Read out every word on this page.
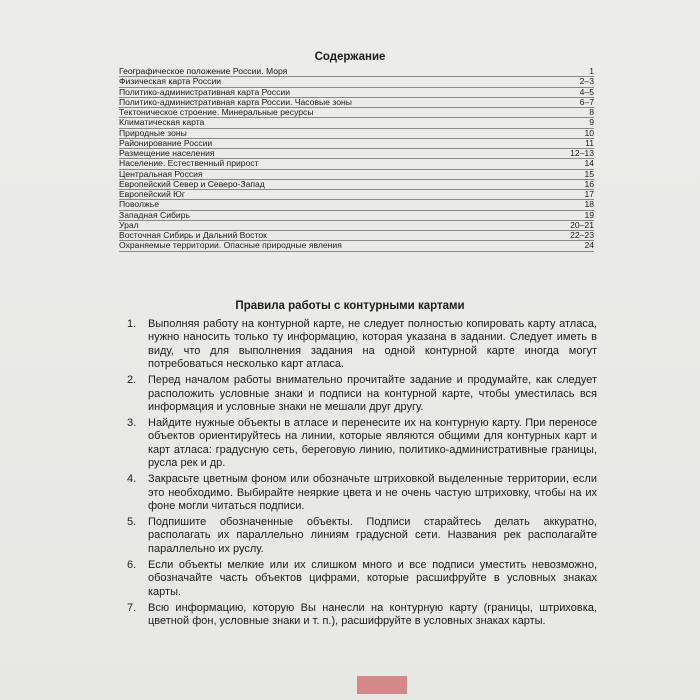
Содержание
Географическое положение России. Моря	1
Физическая карта России	2–3
Политико-административная карта России	4–5
Политико-административная карта России. Часовые зоны	6–7
Тектоническое строение. Минеральные ресурсы	8
Климатическая карта	9
Природные зоны	10
Районирование России	11
Размещение населения	12–13
Население. Естественный прирост	14
Центральная Россия	15
Европейский Север и Северо-Запад	16
Европейский Юг	17
Поволжье	18
Западная Сибирь	19
Урал	20–21
Восточная Сибирь и Дальний Восток	22–23
Охраняемые территории. Опасные природные явления	24
Правила работы с контурными картами
1.	Выполняя работу на контурной карте, не следует полностью копировать карту атласа, нужно наносить только ту информацию, которая указана в задании. Следует иметь в виду, что для выполнения задания на одной контурной карте иногда могут потребоваться несколько карт атласа.
2.	Перед началом работы внимательно прочитайте задание и продумайте, как следует расположить условные знаки и подписи на контурной карте, чтобы уместилась вся информация и условные знаки не мешали друг другу.
3.	Найдите нужные объекты в атласе и перенесите их на контурную карту. При переносе объектов ориентируйтесь на линии, которые являются общими для контурных карт и карт атласа: градусную сеть, береговую линию, политико-административные границы, русла рек и др.
4.	Закрасьте цветным фоном или обозначьте штриховкой выделенные территории, если это необходимо. Выбирайте неяркие цвета и не очень частую штриховку, чтобы на их фоне могли читаться подписи.
5.	Подпишите обозначенные объекты. Подписи старайтесь делать аккуратно, располагать их параллельно линиям градусной сети. Названия рек располагайте параллельно их руслу.
6.	Если объекты мелкие или их слишком много и все подписи уместить невозможно, обозначайте часть объектов цифрами, которые расшифруйте в условных знаках карты.
7.	Всю информацию, которую Вы нанесли на контурную карту (границы, штриховка, цветной фон, условные знаки и т. п.), расшифруйте в условных знаках карты.
